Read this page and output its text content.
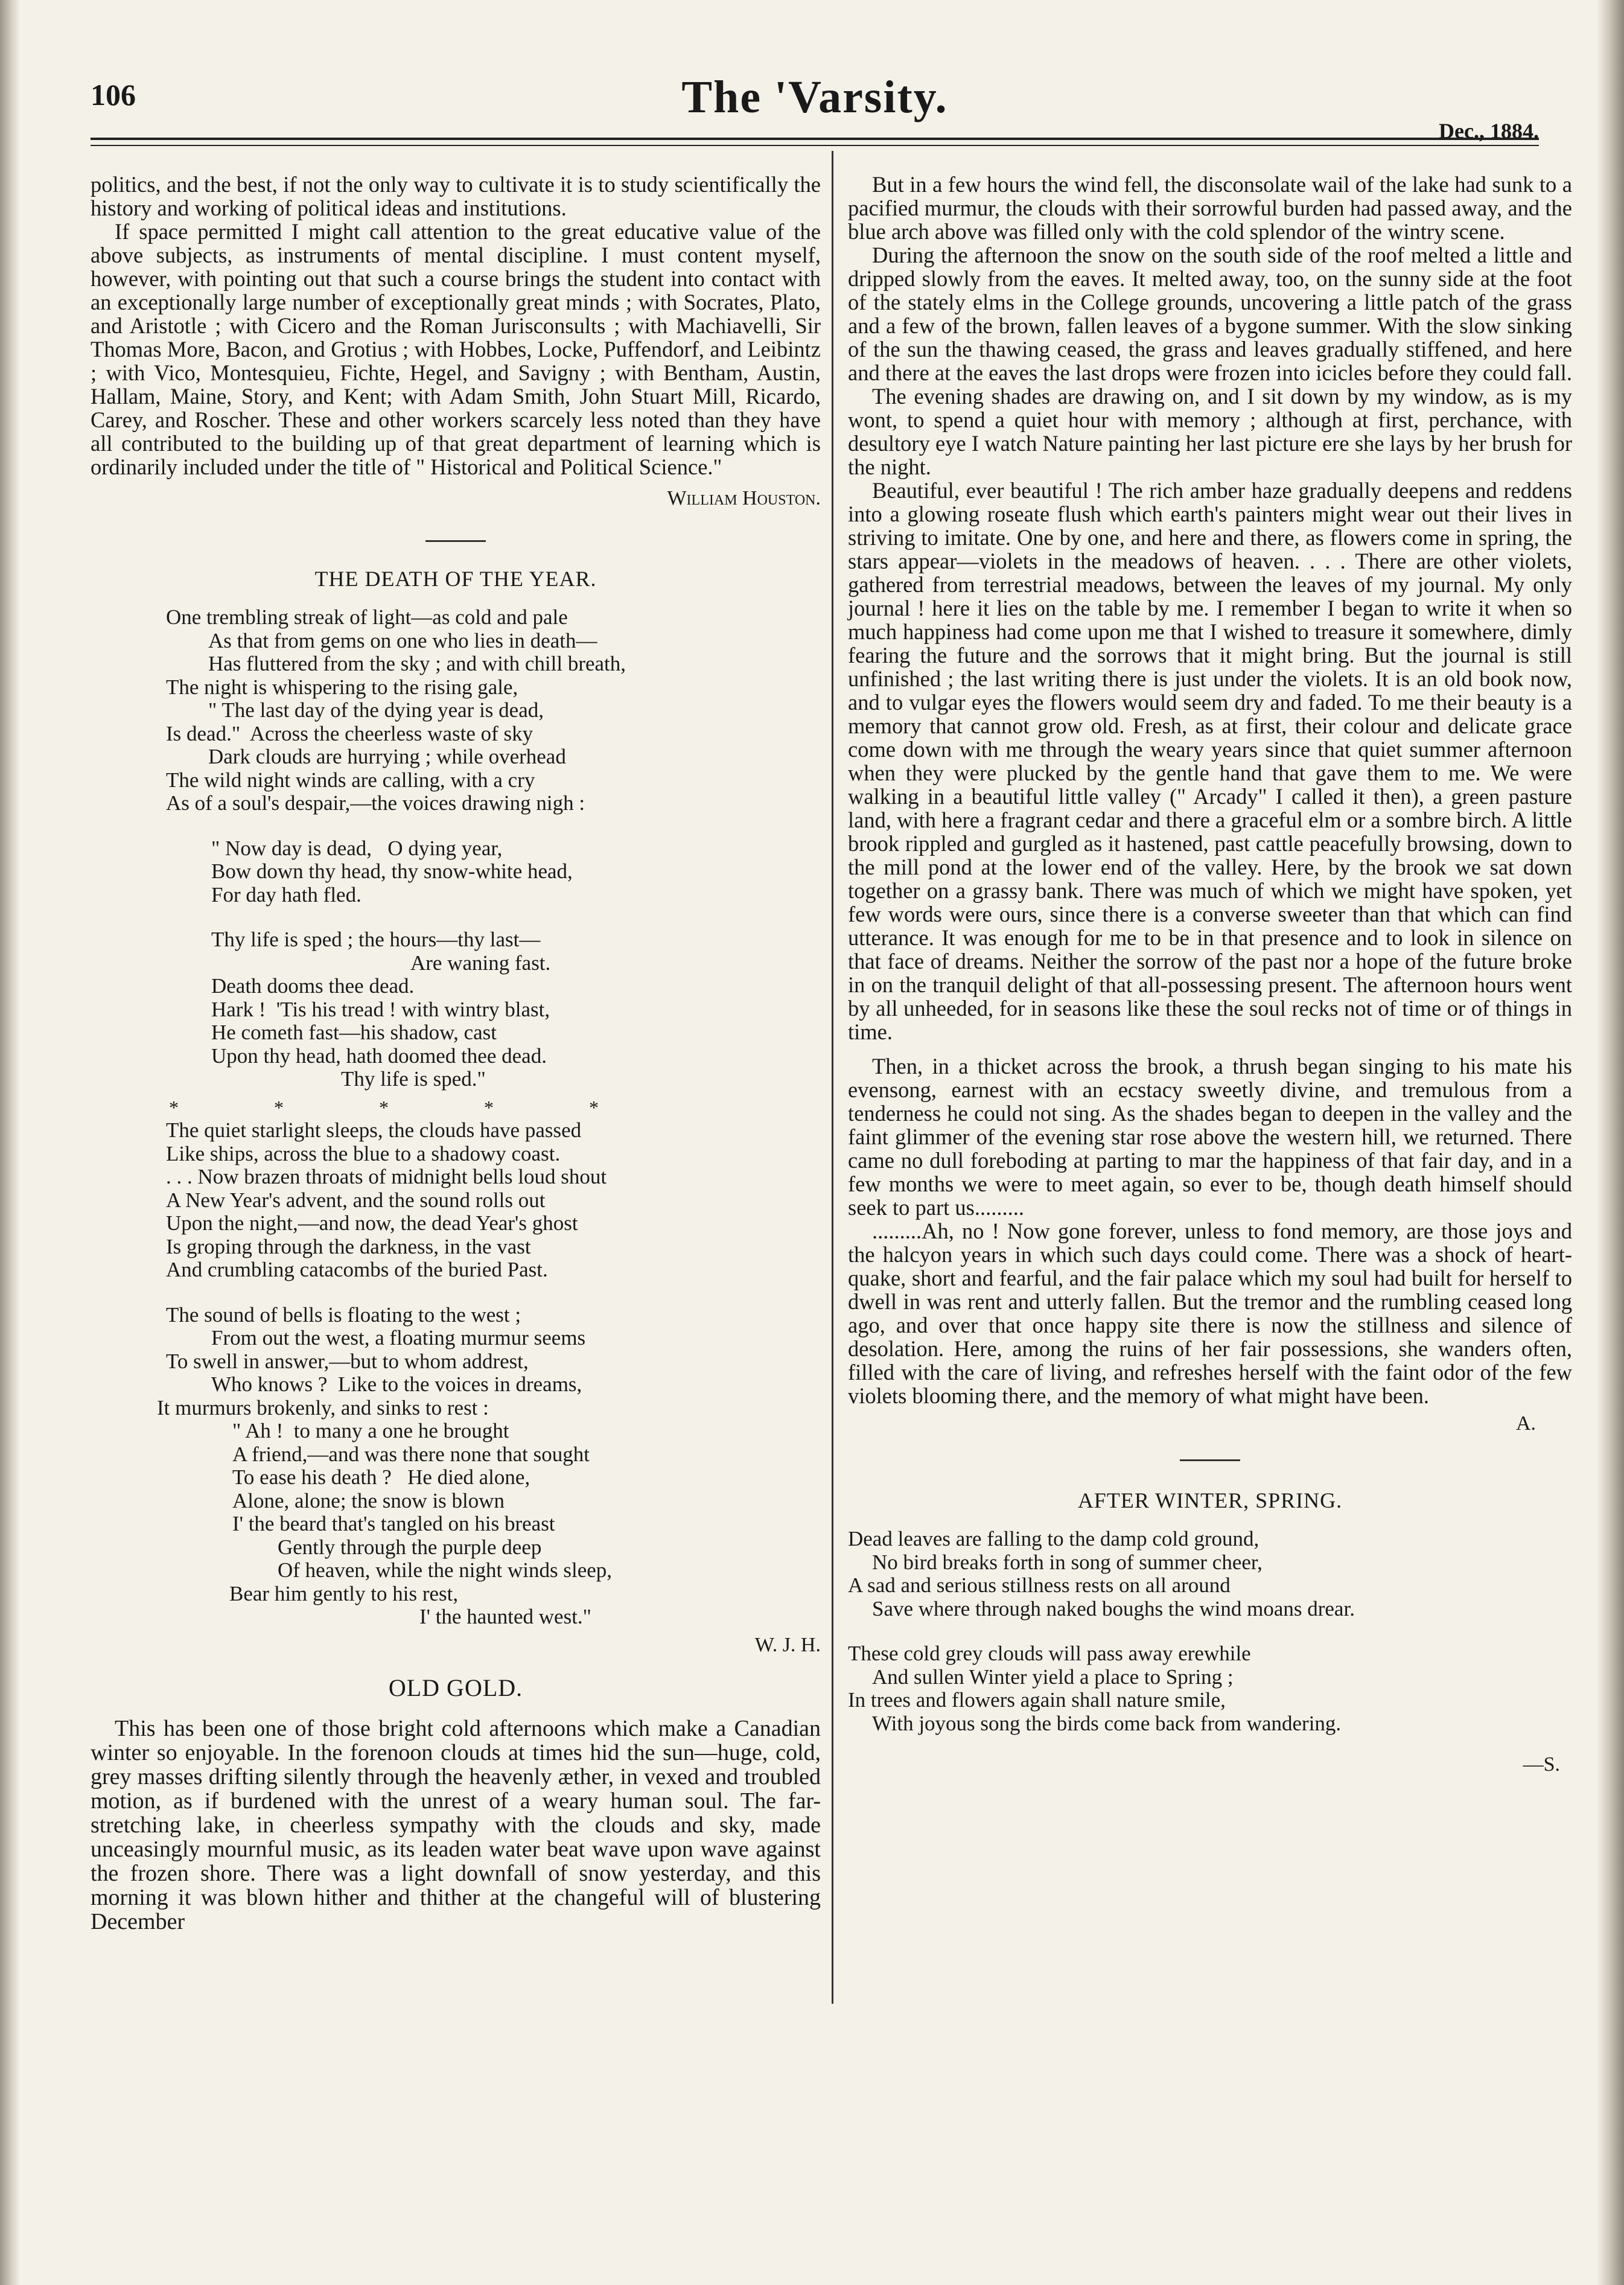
106	The 'Varsity.
Dec., 1884.

politics, and the best, if not the only way to cultivate it is to study scientifically the history and working of political ideas and institutions.

If space permitted I might call attention to the great educative value of the above subjects, as instruments of mental discipline. I must content myself, however, with pointing out that such a course brings the student into contact with an exceptionally large number of exceptionally great minds ; with Socrates, Plato, and Aristotle ; with Cicero and the Roman Jurisconsults ; with Machiavelli, Sir Thomas More, Bacon, and Grotius ; with Hobbes, Locke, Puffendorf, and Leibintz ; with Vico, Montesquieu, Fichte, Hegel, and Savigny ; with Bentham, Austin, Hallam, Maine, Story, and Kent; with Adam Smith, John Stuart Mill, Ricardo, Carey, and Roscher. These and other workers scarcely less noted than they have all contributed to the building up of that great department of learning which is ordinarily included under the title of " Historical and Political Science."

William Houston.
THE DEATH OF THE YEAR.
One trembling streak of light—as cold and pale
As that from gems on one who lies in death—
Has fluttered from the sky ; and with chill breath,
The night is whispering to the rising gale,
" The last day of the dying year is dead,
Is dead."  Across the cheerless waste of sky
Dark clouds are hurrying ; while overhead
The wild night winds are calling, with a cry
As of a soul's despair,—the voices drawing nigh :
" Now day is dead,   O dying year,
Bow down thy head, thy snow-white head,
For day hath fled.
Thy life is sped ; the hours—thy last—
Are waning fast.
Death dooms thee dead.
Hark !  'Tis his tread ! with wintry blast,
He cometh fast—his shadow, cast
Upon thy head, hath doomed thee dead.
Thy life is sped."
* * * * *
The quiet starlight sleeps, the clouds have passed
Like ships, across the blue to a shadowy coast.
. . . Now brazen throats of midnight bells loud shout
A New Year's advent, and the sound rolls out
Upon the night,—and now, the dead Year's ghost
Is groping through the darkness, in the vast
And crumbling catacombs of the buried Past.
The sound of bells is floating to the west ;
From out the west, a floating murmur seems
To swell in answer,—but to whom addrest,
Who knows ?  Like to the voices in dreams,
It murmurs brokenly, and sinks to rest :
" Ah !  to many a one he brought
A friend,—and was there none that sought
To ease his death ?   He died alone,
Alone, alone; the snow is blown
I' the beard that's tangled on his breast
Gently through the purple deep
Of heaven, while the night winds sleep,
Bear him gently to his rest,
I' the haunted west."
W. J. H.
OLD GOLD.

This has been one of those bright cold afternoons which make a Canadian winter so enjoyable. In the forenoon clouds at times hid the sun—huge, cold, grey masses drifting silently through the heavenly æther, in vexed and troubled motion, as if burdened with the unrest of a weary human soul. The far-stretching lake, in cheerless sympathy with the clouds and sky, made unceasingly mournful music, as its leaden water beat wave upon wave against the frozen shore. There was a light downfall of snow yesterday, and this morning it was blown hither and thither at the changeful will of blustering December

But in a few hours the wind fell, the disconsolate wail of the lake had sunk to a pacified murmur, the clouds with their sorrowful burden had passed away, and the blue arch above was filled only with the cold splendor of the wintry scene.

During the afternoon the snow on the south side of the roof melted a little and dripped slowly from the eaves. It melted away, too, on the sunny side at the foot of the stately elms in the College grounds, uncovering a little patch of the grass and a few of the brown, fallen leaves of a bygone summer. With the slow sinking of the sun the thawing ceased, the grass and leaves gradually stiffened, and here and there at the eaves the last drops were frozen into icicles before they could fall.

The evening shades are drawing on, and I sit down by my window, as is my wont, to spend a quiet hour with memory ; although at first, perchance, with desultory eye I watch Nature painting her last picture ere she lays by her brush for the night.

Beautiful, ever beautiful ! The rich amber haze gradually deepens and reddens into a glowing roseate flush which earth's painters might wear out their lives in striving to imitate. One by one, and here and there, as flowers come in spring, the stars appear—violets in the meadows of heaven. . . . There are other violets, gathered from terrestrial meadows, between the leaves of my journal. My only journal ! here it lies on the table by me. I remember I began to write it when so much happiness had come upon me that I wished to treasure it somewhere, dimly fearing the future and the sorrows that it might bring. But the journal is still unfinished ; the last writing there is just under the violets. It is an old book now, and to vulgar eyes the flowers would seem dry and faded. To me their beauty is a memory that cannot grow old. Fresh, as at first, their colour and delicate grace come down with me through the weary years since that quiet summer afternoon when they were plucked by the gentle hand that gave them to me. We were walking in a beautiful little valley (" Arcady" I called it then), a green pasture land, with here a fragrant cedar and there a graceful elm or a sombre birch. A little brook rippled and gurgled as it hastened, past cattle peacefully browsing, down to the mill pond at the lower end of the valley. Here, by the brook we sat down together on a grassy bank. There was much of which we might have spoken, yet few words were ours, since there is a converse sweeter than that which can find utterance. It was enough for me to be in that presence and to look in silence on that face of dreams. Neither the sorrow of the past nor a hope of the future broke in on the tranquil delight of that all-possessing present. The afternoon hours went by all unheeded, for in seasons like these the soul recks not of time or of things in time.

Then, in a thicket across the brook, a thrush began singing to his mate his evensong, earnest with an ecstacy sweetly divine, and tremulous from a tenderness he could not sing. As the shades began to deepen in the valley and the faint glimmer of the evening star rose above the western hill, we returned. There came no dull foreboding at parting to mar the happiness of that fair day, and in a few months we were to meet again, so ever to be, though death himself should seek to part us.........

.........Ah, no ! Now gone forever, unless to fond memory, are those joys and the halcyon years in which such days could come. There was a shock of heart-quake, short and fearful, and the fair palace which my soul had built for herself to dwell in was rent and utterly fallen. But the tremor and the rumbling ceased long ago, and over that once happy site there is now the stillness and silence of desolation. Here, among the ruins of her fair possessions, she wanders often, filled with the care of living, and refreshes herself with the faint odor of the few violets blooming there, and the memory of what might have been.

A.
AFTER WINTER, SPRING.
Dead leaves are falling to the damp cold ground,
No bird breaks forth in song of summer cheer,
A sad and serious stillness rests on all around
Save where through naked boughs the wind moans drear.
These cold grey clouds will pass away erewhile
And sullen Winter yield a place to Spring ;
In trees and flowers again shall nature smile,
With joyous song the birds come back from wandering.
—S.
